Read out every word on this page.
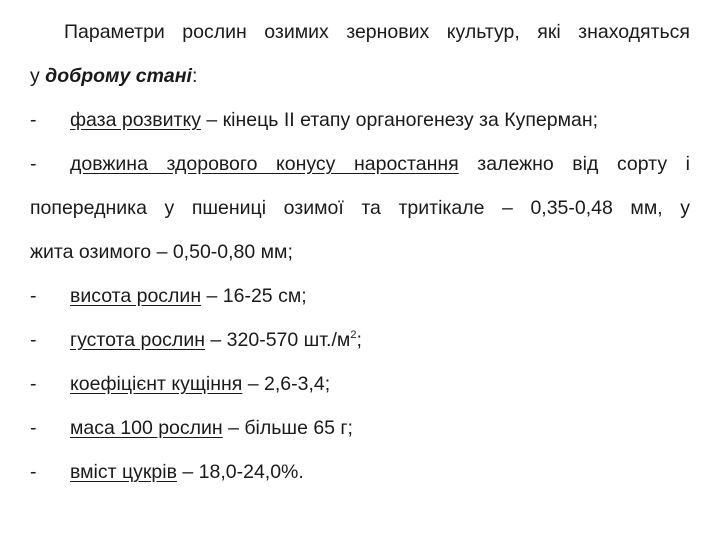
Параметри рослин озимих зернових культур, які знаходяться
у доброму стані:
-	фаза розвитку – кінець ІІ етапу органогенезу за Куперман;
-	довжина здорового конусу наростання залежно від сорту і
попередника у пшениці озимої та тритікале – 0,35-0,48 мм, у
жита озимого – 0,50-0,80 мм;
-	висота рослин – 16-25 см;
-	густота рослин – 320-570 $шт./м^2$;
-	коефіцієнт кущіння – 2,6-3,4;
-	маса 100 рослин – більше 65 г;
-	вміст цукрів – 18,0-24,0%.
